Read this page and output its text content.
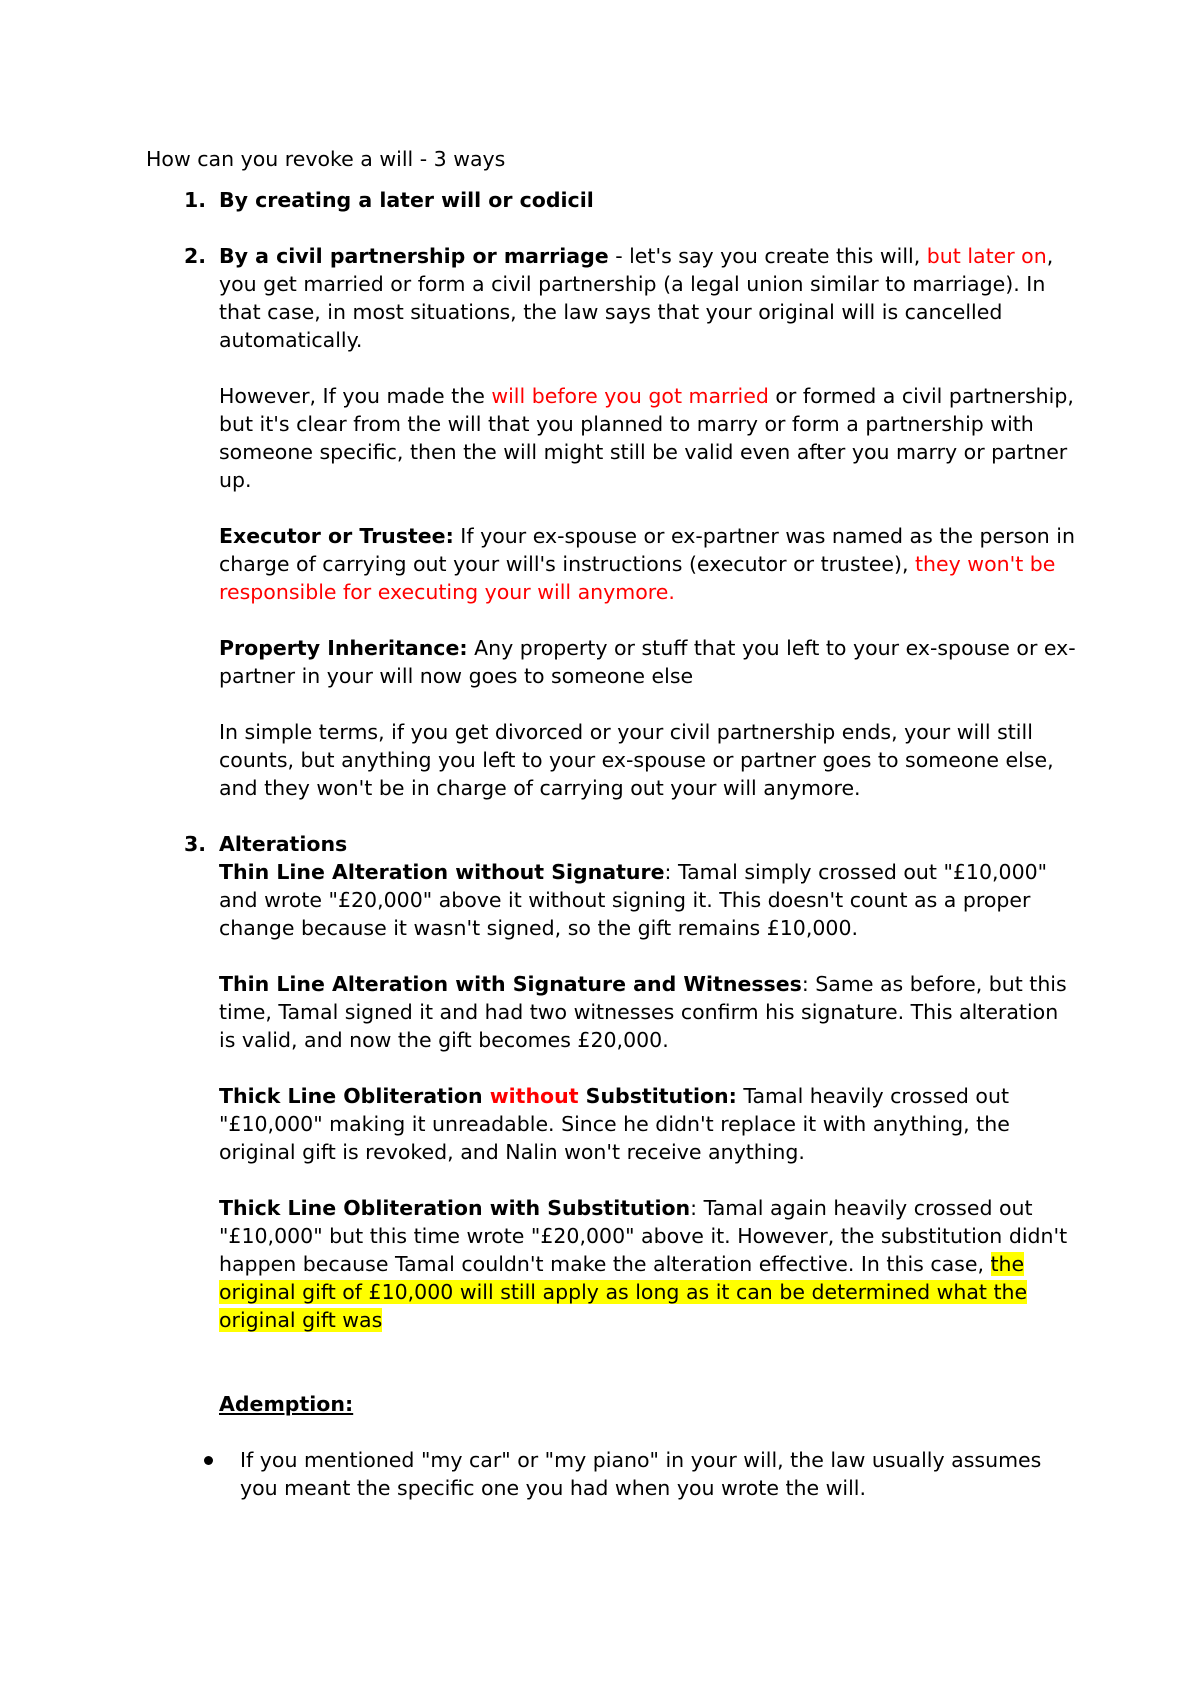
How can you revoke a will - 3 ways

1. By creating a later will or codicil
2. By a civil partnership or marriage - let's say you create this will, but later on, you get married or form a civil partnership (a legal union similar to marriage). In that case, in most situations, the law says that your original will is cancelled automatically.

However, If you made the will before you got married or formed a civil partnership, but it's clear from the will that you planned to marry or form a partnership with someone specific, then the will might still be valid even after you marry or partner up.

Executor or Trustee: If your ex-spouse or ex-partner was named as the person in charge of carrying out your will's instructions (executor or trustee), they won't be responsible for executing your will anymore.

Property Inheritance: Any property or stuff that you left to your ex-spouse or ex-partner in your will now goes to someone else

In simple terms, if you get divorced or your civil partnership ends, your will still counts, but anything you left to your ex-spouse or partner goes to someone else, and they won't be in charge of carrying out your will anymore.

3. Alterations

Thin Line Alteration without Signature: Tamal simply crossed out "£10,000" and wrote "£20,000" above it without signing it. This doesn't count as a proper change because it wasn't signed, so the gift remains £10,000.

Thin Line Alteration with Signature and Witnesses: Same as before, but this time, Tamal signed it and had two witnesses confirm his signature. This alteration is valid, and now the gift becomes £20,000.

Thick Line Obliteration without Substitution: Tamal heavily crossed out "£10,000" making it unreadable. Since he didn't replace it with anything, the original gift is revoked, and Nalin won't receive anything.

Thick Line Obliteration with Substitution: Tamal again heavily crossed out "£10,000" but this time wrote "£20,000" above it. However, the substitution didn't happen because Tamal couldn't make the alteration effective. In this case, the original gift of £10,000 will still apply as long as it can be determined what the original gift was

Ademption:

If you mentioned "my car" or "my piano" in your will, the law usually assumes you meant the specific one you had when you wrote the will.
